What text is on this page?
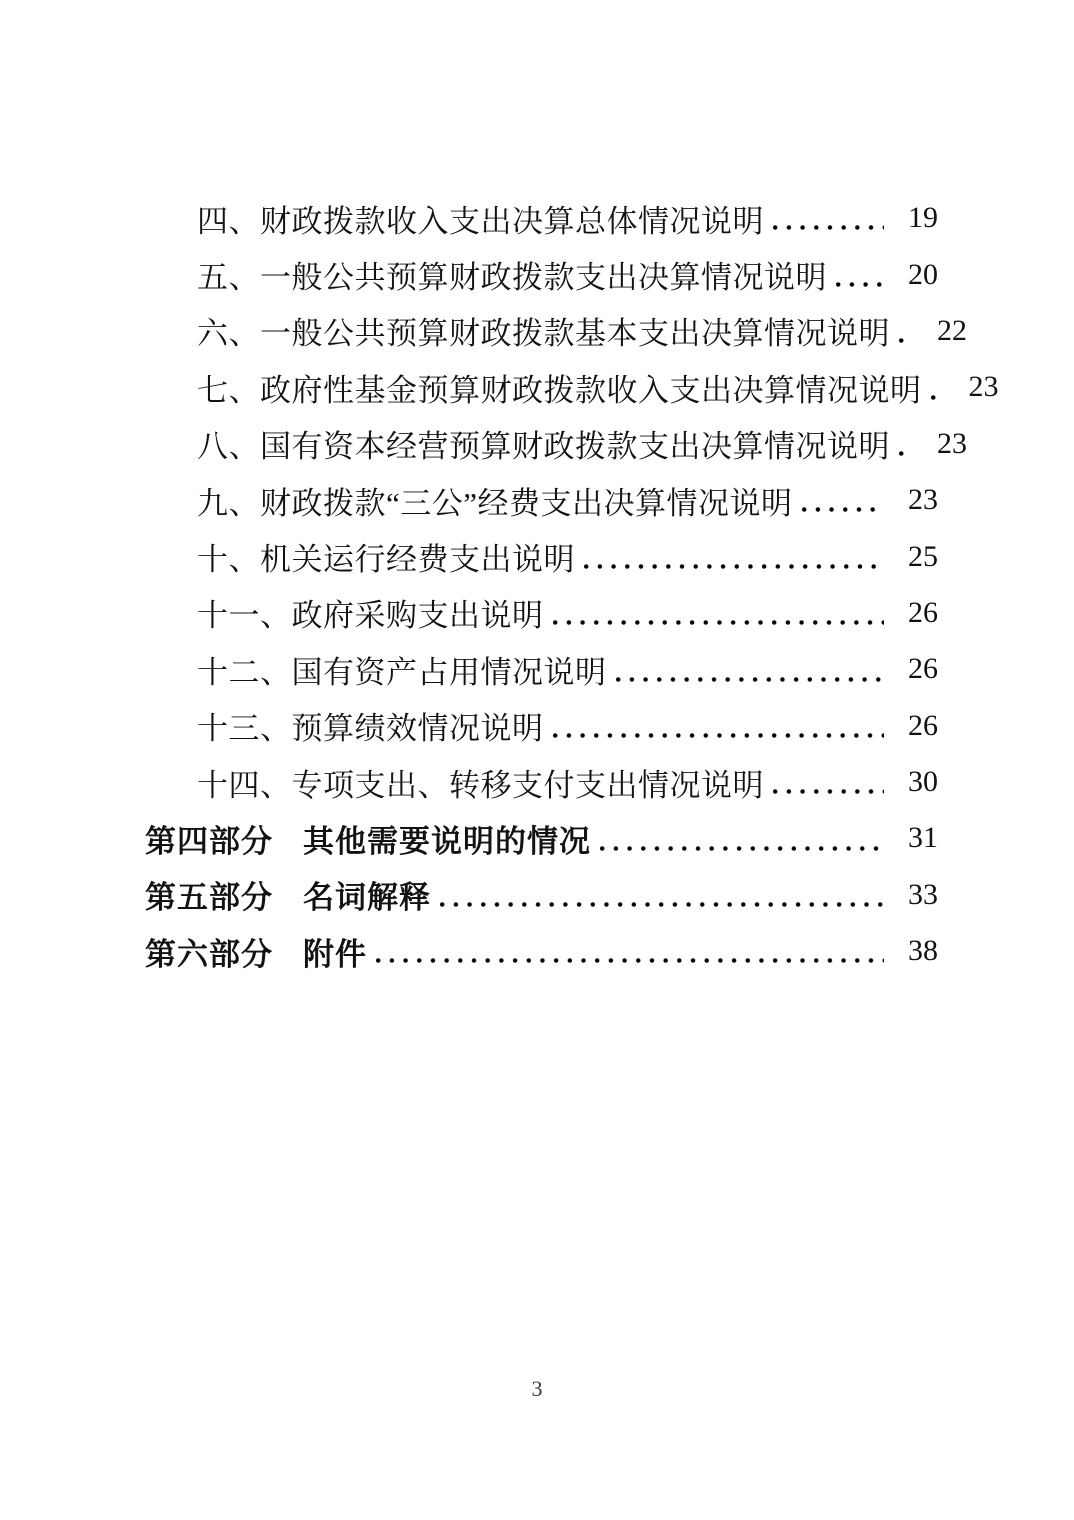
四、财政拨款收入支出决算总体情况说明	19
五、一般公共预算财政拨款支出决算情况说明	20
六、一般公共预算财政拨款基本支出决算情况说明	22
七、政府性基金预算财政拨款收入支出决算情况说明	23
八、国有资本经营预算财政拨款支出决算情况说明	23
九、财政拨款“三公”经费支出决算情况说明	23
十、机关运行经费支出说明	25
十一、政府采购支出说明	26
十二、国有资产占用情况说明	26
十三、预算绩效情况说明	26
十四、专项支出、转移支付支出情况说明	30
第四部分 其他需要说明的情况	31
第五部分 名词解释	33
第六部分 附件	38
3
